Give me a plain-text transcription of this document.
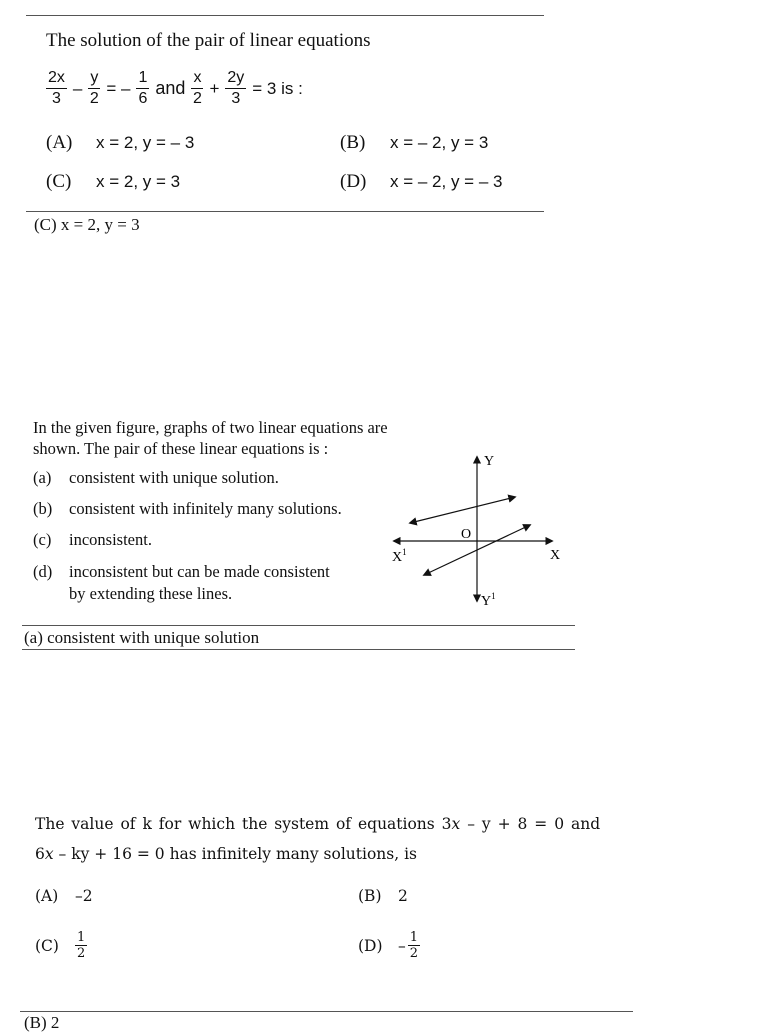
The solution of the pair of linear equations
$\frac{2x}{3} - \frac{y}{2}$ = – $\frac{1}{6}$ and $\frac{x}{2} + \frac{2y}{3} = 3$ is :
(A) x = 2, y = – 3	(B) x = – 2, y = 3
(C) x = 2, y = 3	(D) x = – 2, y = – 3
(C) x = 2, y = 3
In the given figure, graphs of two linear equations are
shown. The pair of these linear equations is :
(a) consistent with unique solution.
(b) consistent with infinitely many solutions.
(c) inconsistent.
(d) inconsistent but can be made consistent
by extending these lines.
Y
$Y^1$
X
$X^1$
O
(a) consistent with unique solution
The value of k for which the system of equations 3x – y + 8 = 0 and
6x – ky + 16 = 0 has infinitely many solutions, is
(A) –2	(B) 2
(C)	$\frac{1}{2}$	$(D) - \frac{1}{2}$
(B) 2
